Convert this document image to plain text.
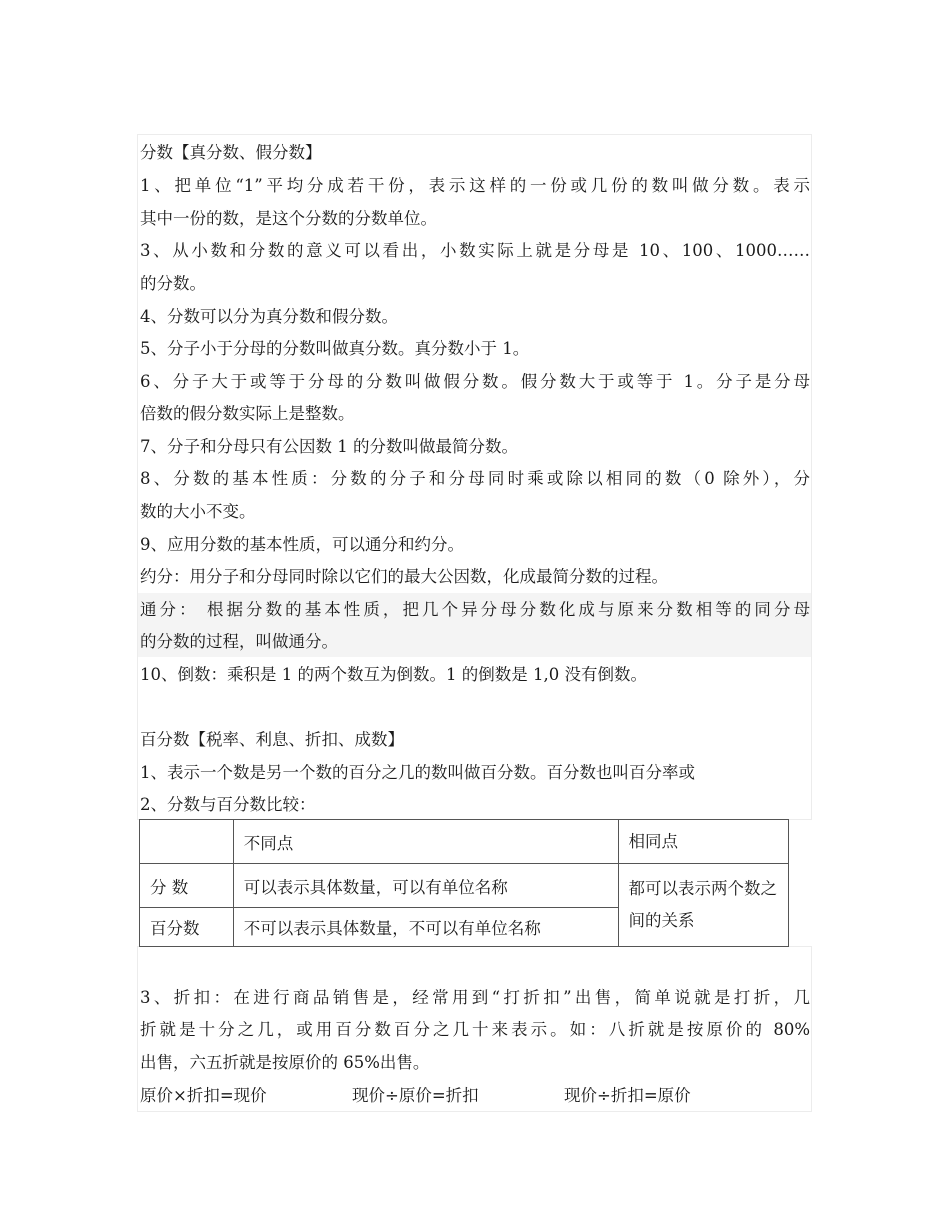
分数【真分数、假分数】
1、把单位“1”平均分成若干份，表示这样的一份或几份的数叫做分数。表示
其中一份的数，是这个分数的分数单位。
3、从小数和分数的意义可以看出，小数实际上就是分母是 10、100、1000……
的分数。
4、分数可以分为真分数和假分数。
5、分子小于分母的分数叫做真分数。真分数小于 1。
6、分子大于或等于分母的分数叫做假分数。假分数大于或等于 1。分子是分母
倍数的假分数实际上是整数。
7、分子和分母只有公因数 1 的分数叫做最简分数。
8、分数的基本性质：分数的分子和分母同时乘或除以相同的数（0 除外），分
数的大小不变。
9、应用分数的基本性质，可以通分和约分。
约分：用分子和分母同时除以它们的最大公因数，化成最简分数的过程。
通分： 根据分数的基本性质，把几个异分母分数化成与原来分数相等的同分母
的分数的过程，叫做通分。
10、倒数：乘积是 1 的两个数互为倒数。1 的倒数是 1,0 没有倒数。
百分数【税率、利息、折扣、成数】
1、表示一个数是另一个数的百分之几的数叫做百分数。百分数也叫百分率或
2、分数与百分数比较：
	不同点	相同点
分 数	可以表示具体数量，可以有单位名称	都可以表示两个数之间的关系
百分数	不可以表示具体数量，不可以有单位名称	
3、折扣：在进行商品销售是，经常用到“打折扣”出售，简单说就是打折，几
折就是十分之几，或用百分数百分之几十来表示。如：八折就是按原价的 80%
出售，六五折就是按原价的 65%出售。
原价×折扣=现价	现价÷原价=折扣	现价÷折扣=原价
